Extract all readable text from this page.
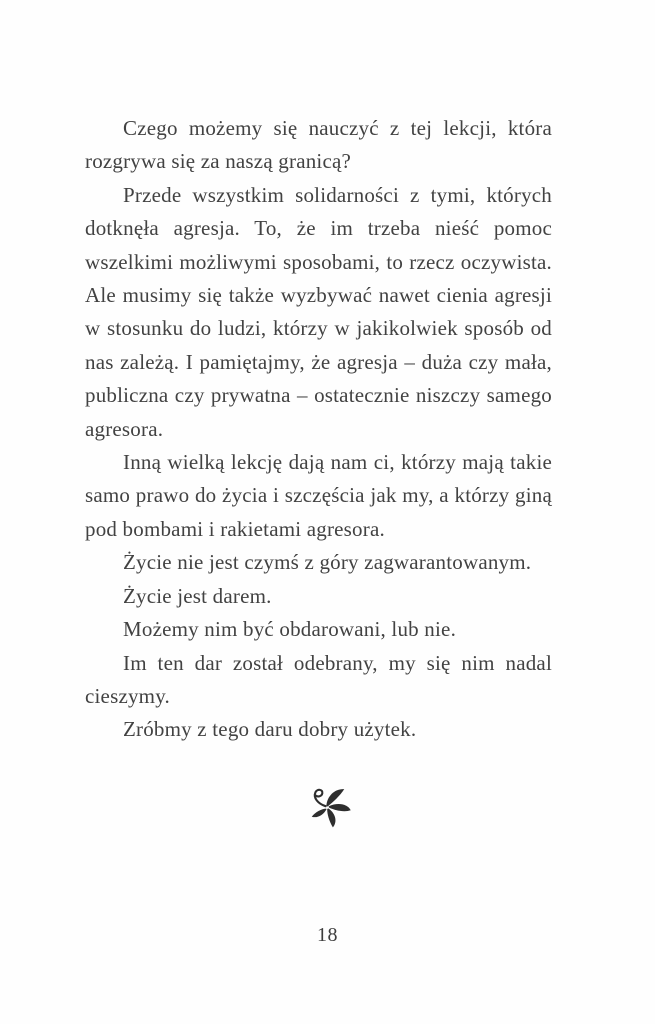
Czego możemy się nauczyć z tej lekcji, która rozgrywa się za naszą granicą?

Przede wszystkim solidarności z tymi, których dotknęła agresja. To, że im trzeba nieść pomoc wszelkimi możliwymi sposobami, to rzecz oczywista. Ale musimy się także wyzbywać nawet cienia agresji w stosunku do ludzi, którzy w jakikolwiek sposób od nas zależą. I pamiętajmy, że agresja – duża czy mała, publiczna czy prywatna – ostatecznie niszczy samego agresora.

Inną wielką lekcję dają nam ci, którzy mają takie samo prawo do życia i szczęścia jak my, a którzy giną pod bombami i rakietami agresora.

Życie nie jest czymś z góry zagwarantowanym.

Życie jest darem.

Możemy nim być obdarowani, lub nie.

Im ten dar został odebrany, my się nim nadal cieszymy.

Zróbmy z tego daru dobry użytek.

18
